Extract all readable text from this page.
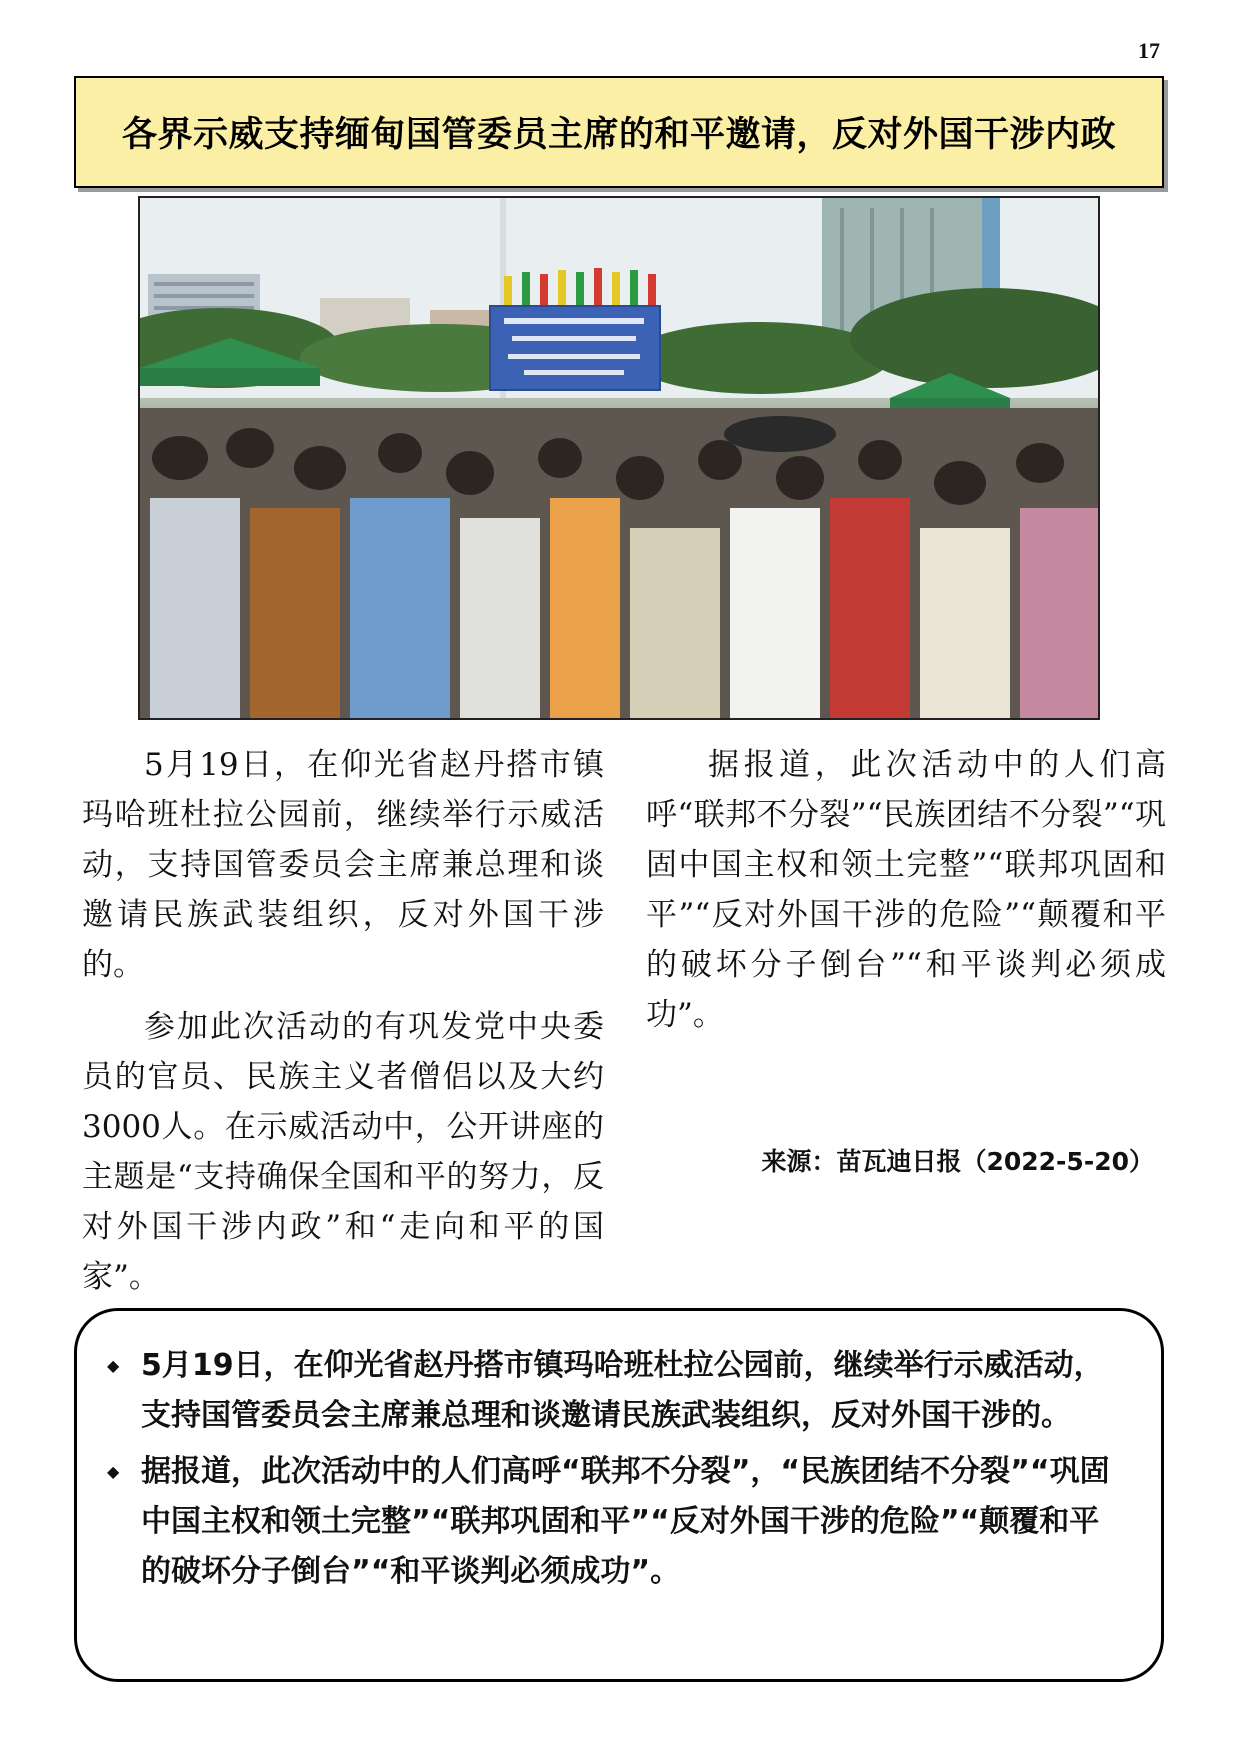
17
各界示威支持缅甸国管委员主席的和平邀请，反对外国干涉内政

5月19日，在仰光省赵丹搭市镇玛哈班杜拉公园前，继续举行示威活动，支持国管委员会主席兼总理和谈邀请民族武装组织，反对外国干涉的。

参加此次活动的有巩发党中央委员的官员、民族主义者僧侣以及大约3000人。在示威活动中，公开讲座的主题是“支持确保全国和平的努力，反对外国干涉内政”和“走向和平的国家”。

据报道，此次活动中的人们高呼“联邦不分裂”“民族团结不分裂”“巩固中国主权和领土完整”“联邦巩固和平”“反对外国干涉的危险”“颠覆和平的破坏分子倒台”“和平谈判必须成功”。

来源：苗瓦迪日报（2022-5-20）
◆ 5月19日，在仰光省赵丹搭市镇玛哈班杜拉公园前，继续举行示威活动，支持国管委员会主席兼总理和谈邀请民族武装组织，反对外国干涉的。
◆ 据报道，此次活动中的人们高呼“联邦不分裂”，“民族团结不分裂”“巩固中国主权和领土完整”“联邦巩固和平”“反对外国干涉的危险”“颠覆和平的破坏分子倒台”“和平谈判必须成功”。
